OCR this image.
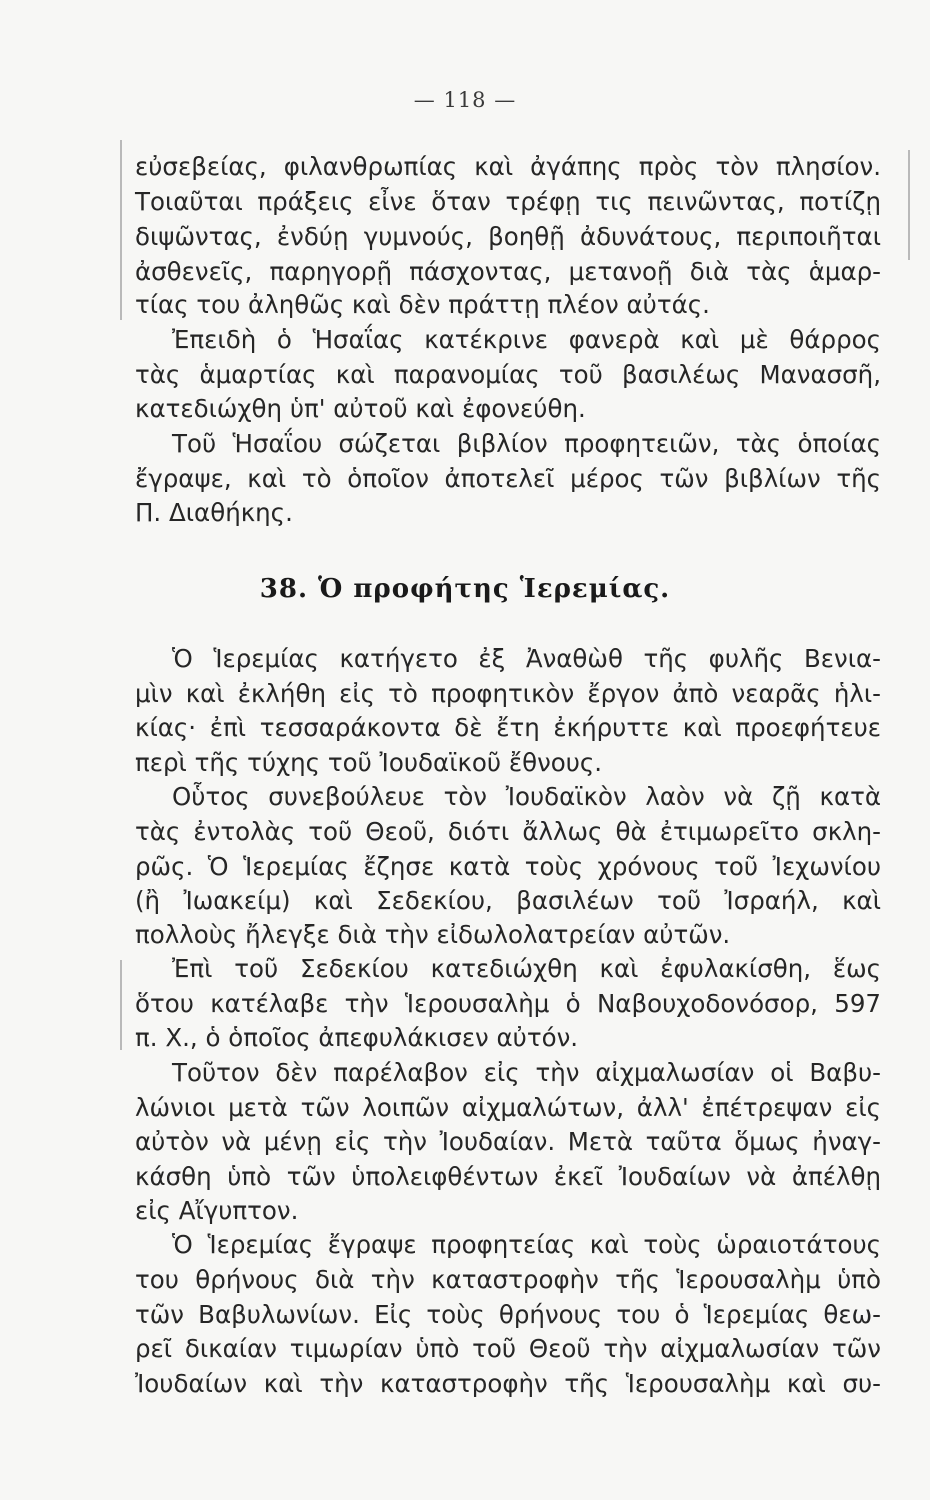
— 118 —
εὐσεβείας, φιλανθρωπίας καὶ ἀγάπης πρὸς τὸν πλησίον.
Τοιαῦται πράξεις εἶνε ὅταν τρέφῃ τις πεινῶντας, ποτίζῃ
διψῶντας, ἐνδύῃ γυμνούς, βοηθῇ ἀδυνάτους, περιποιῆται
ἀσθενεῖς, παρηγορῇ πάσχοντας, μετανοῇ διὰ τὰς ἁμαρ-
τίας του ἀληθῶς καὶ δὲν πράττῃ πλέον αὐτάς.
Ἐπειδὴ ὁ Ἡσαΐας κατέκρινε φανερὰ καὶ μὲ θάρρος
τὰς ἁμαρτίας καὶ παρανομίας τοῦ βασιλέως Μανασσῆ,
κατεδιώχθη ὑπ' αὐτοῦ καὶ ἐφονεύθη.
Τοῦ Ἡσαΐου σώζεται βιβλίον προφητειῶν, τὰς ὁποίας
ἔγραψε, καὶ τὸ ὁποῖον ἀποτελεῖ μέρος τῶν βιβλίων τῆς
Π. Διαθήκης.
38. Ὁ προφήτης Ἱερεμίας.
Ὁ Ἱερεμίας κατήγετο ἐξ Ἀναθὼθ τῆς φυλῆς Βενια-
μὶν καὶ ἐκλήθη εἰς τὸ προφητικὸν ἔργον ἀπὸ νεαρᾶς ἡλι-
κίας· ἐπὶ τεσσαράκοντα δὲ ἔτη ἐκήρυττε καὶ προεφήτευε
περὶ τῆς τύχης τοῦ Ἰουδαϊκοῦ ἔθνους.
Οὗτος συνεβούλευε τὸν Ἰουδαϊκὸν λαὸν νὰ ζῇ κατὰ
τὰς ἐντολὰς τοῦ Θεοῦ, διότι ἄλλως θὰ ἐτιμωρεῖτο σκλη-
ρῶς. Ὁ Ἱερεμίας ἔζησε κατὰ τοὺς χρόνους τοῦ Ἰεχωνίου
(ἢ Ἰωακείμ) καὶ Σεδεκίου, βασιλέων τοῦ Ἰσραήλ, καὶ
πολλοὺς ἤλεγξε διὰ τὴν εἰδωλολατρείαν αὐτῶν.
Ἐπὶ τοῦ Σεδεκίου κατεδιώχθη καὶ ἐφυλακίσθη, ἕως
ὅτου κατέλαβε τὴν Ἱερουσαλὴμ ὁ Ναβουχοδονόσορ, 597
π. Χ., ὁ ὁποῖος ἀπεφυλάκισεν αὐτόν.
Τοῦτον δὲν παρέλαβον εἰς τὴν αἰχμαλωσίαν οἱ Βαβυ-
λώνιοι μετὰ τῶν λοιπῶν αἰχμαλώτων, ἀλλ' ἐπέτρεψαν εἰς
αὐτὸν νὰ μένῃ εἰς τὴν Ἰουδαίαν. Μετὰ ταῦτα ὅμως ἠναγ-
κάσθη ὑπὸ τῶν ὑπολειφθέντων ἐκεῖ Ἰουδαίων νὰ ἀπέλθῃ
εἰς Αἴγυπτον.
Ὁ Ἱερεμίας ἔγραψε προφητείας καὶ τοὺς ὡραιοτάτους
του θρήνους διὰ τὴν καταστροφὴν τῆς Ἱερουσαλὴμ ὑπὸ
τῶν Βαβυλωνίων. Εἰς τοὺς θρήνους του ὁ Ἱερεμίας θεω-
ρεῖ δικαίαν τιμωρίαν ὑπὸ τοῦ Θεοῦ τὴν αἰχμαλωσίαν τῶν
Ἰουδαίων καὶ τὴν καταστροφὴν τῆς Ἱερουσαλὴμ καὶ συ-
